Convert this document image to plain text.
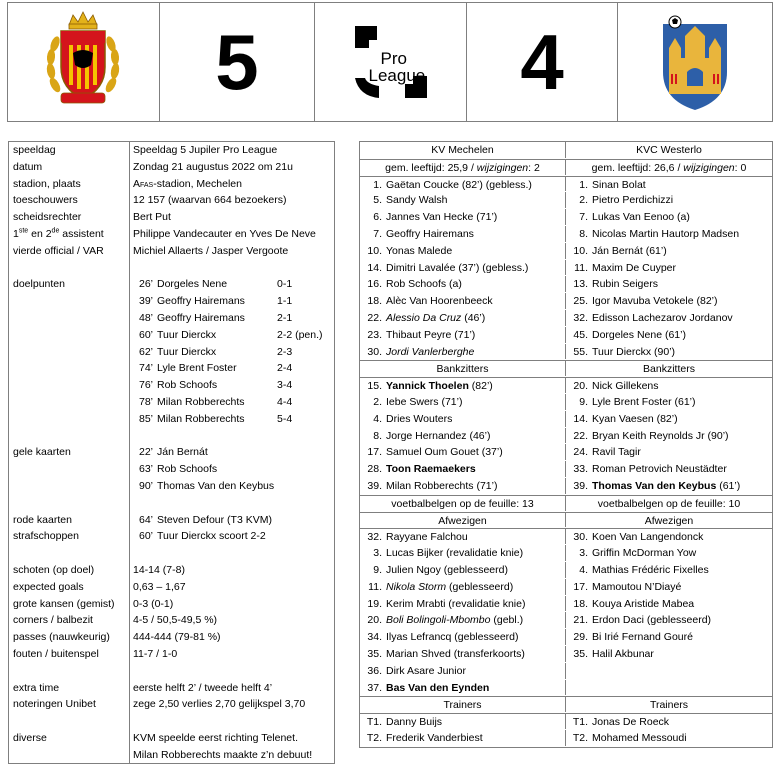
5	Pro
League 4
speeldag	Speeldag 5 Jupiler Pro League
datum	Zondag 21 augustus 2022 om 21u
stadion, plaats	Afas-stadion, Mechelen
toeschouwers	12 157 (waarvan 664 bezoekers)
scheidsrechter	Bert Put
1ste en 2de assistent	Philippe Vandecauter en Yves De Neve
vierde official / VAR	Michiel Allaerts / Jasper Vergoote
doelpunten	26’ Dorgeles Nene	0-1
39’ Geoffry Hairemans	1-1
48’ Geoffry Hairemans	2-1
60’ Tuur Dierckx	2-2 (pen.)
62’ Tuur Dierckx	2-3
74’ Lyle Brent Foster	2-4
76’ Rob Schoofs	3-4
78’ Milan Robberechts	4-4
85’ Milan Robberechts	5-4
gele kaarten	22’ Ján Bernát
63’ Rob Schoofs
90’ Thomas Van den Keybus
rode kaarten	64’ Steven Defour (T3 KVM)
strafschoppen	60’ Tuur Dierckx scoort 2-2
schoten (op doel)	14-14 (7-8)
expected goals	0,63 – 1,67
grote kansen (gemist)	0-3 (0-1)
corners / balbezit	4-5 / 50,5-49,5 %)
passes (nauwkeurig)	444-444 (79-81 %)
fouten / buitenspel	11-7 / 1-0
extra time	eerste helft 2’ / tweede helft 4’
noteringen Unibet	zege 2,50 verlies 2,70 gelijkspel 3,70
diverse	KVM speelde eerst richting Telenet.
Milan Robberechts maakte z’n debuut!
KV Mechelen	KVC Westerlo
gem. leeftijd: 25,9 / wijzigingen: 2	gem. leeftijd: 26,6 / wijzigingen: 0
1. Gaëtan Coucke (82’) (gebless.)	1. Sinan Bolat
5. Sandy Walsh	2. Pietro Perdichizzi
6. Jannes Van Hecke (71’)	7. Lukas Van Eenoo (a)
7. Geoffry Hairemans	8. Nicolas Martin Hautorp Madsen
10. Yonas Malede	10. Ján Bernát (61’)
14. Dimitri Lavalée (37’) (gebless.)	11. Maxim De Cuyper
16. Rob Schoofs (a)	13. Rubin Seigers
18. Alèc Van Hoorenbeeck	25. Igor Mavuba Vetokele (82’)
22. Alessio Da Cruz (46’)	32. Edisson Lachezarov Jordanov
23. Thibaut Peyre (71’)	45. Dorgeles Nene (61’)
30. Jordi Vanlerberghe	55. Tuur Dierckx (90’)
Bankzitters	Bankzitters
15. Yannick Thoelen (82’)	20. Nick Gillekens
2. Iebe Swers (71’)	9. Lyle Brent Foster (61’)
4. Dries Wouters	14. Kyan Vaesen (82’)
8. Jorge Hernandez (46’)	22. Bryan Keith Reynolds Jr (90’)
17. Samuel Oum Gouet (37’)	24. Ravil Tagir
28. Toon Raemaekers	33. Roman Petrovich Neustädter
39. Milan Robberechts (71’)	39. Thomas Van den Keybus (61’)
voetbalbelgen op de feuille: 13	voetbalbelgen op de feuille: 10
Afwezigen	Afwezigen
32. Rayyane Falchou	30. Koen Van Langendonck
3. Lucas Bijker (revalidatie knie)	3. Griffin McDorman Yow
9. Julien Ngoy (geblesseerd)	4. Mathias Frédéric Fixelles
11. Nikola Storm (geblesseerd)	17. Mamoutou N’Diayé
19. Kerim Mrabti (revalidatie knie)	18. Kouya Aristide Mabea
20. Boli Bolingoli-Mbombo (gebl.)	21. Erdon Daci (geblesseerd)
34. Ilyas Lefrancq (geblesseerd)	29. Bi Irié Fernand Gouré
35. Marian Shved (transferkoorts)	35. Halil Akbunar
36. Dirk Asare Junior
37. Bas Van den Eynden
Trainers	Trainers
T1. Danny Buijs	T1. Jonas De Roeck
T2. Frederik Vanderbiest	T2. Mohamed Messoudi
